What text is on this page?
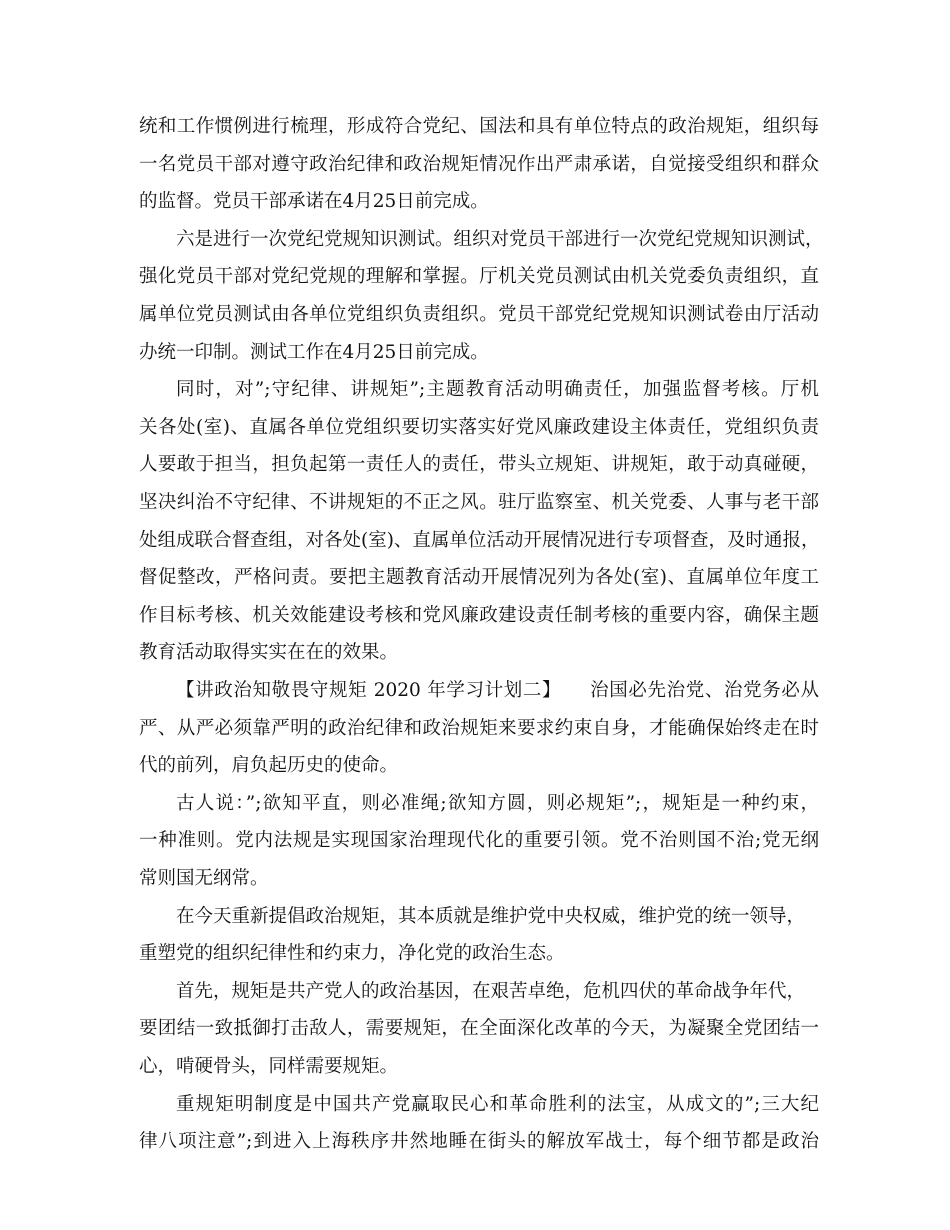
统和工作惯例进行梳理，形成符合党纪、国法和具有单位特点的政治规矩，组织每
一名党员干部对遵守政治纪律和政治规矩情况作出严肃承诺，自觉接受组织和群众
的监督。党员干部承诺在4月25日前完成。
六是进行一次党纪党规知识测试。组织对党员干部进行一次党纪党规知识测试，
强化党员干部对党纪党规的理解和掌握。厅机关党员测试由机关党委负责组织，直
属单位党员测试由各单位党组织负责组织。党员干部党纪党规知识测试卷由厅活动
办统一印制。测试工作在4月25日前完成。
同时，对”;守纪律、讲规矩”;主题教育活动明确责任，加强监督考核。厅机
关各处(室)、直属各单位党组织要切实落实好党风廉政建设主体责任，党组织负责
人要敢于担当，担负起第一责任人的责任，带头立规矩、讲规矩，敢于动真碰硬，
坚决纠治不守纪律、不讲规矩的不正之风。驻厅监察室、机关党委、人事与老干部
处组成联合督查组，对各处(室)、直属单位活动开展情况进行专项督查，及时通报，
督促整改，严格问责。要把主题教育活动开展情况列为各处(室)、直属单位年度工
作目标考核、机关效能建设考核和党风廉政建设责任制考核的重要内容，确保主题
教育活动取得实实在在的效果。
【讲政治知敬畏守规矩 2020 年学习计划二】　　治国必先治党、治党务必从
严、从严必须靠严明的政治纪律和政治规矩来要求约束自身，才能确保始终走在时
代的前列，肩负起历史的使命。
古人说：”;欲知平直，则必准绳;欲知方圆，则必规矩”;，规矩是一种约束，
一种准则。党内法规是实现国家治理现代化的重要引领。党不治则国不治;党无纲
常则国无纲常。
在今天重新提倡政治规矩，其本质就是维护党中央权威，维护党的统一领导，
重塑党的组织纪律性和约束力，净化党的政治生态。
首先，规矩是共产党人的政治基因，在艰苦卓绝，危机四伏的革命战争年代，
要团结一致抵御打击敌人，需要规矩，在全面深化改革的今天，为凝聚全党团结一
心，啃硬骨头，同样需要规矩。
重规矩明制度是中国共产党赢取民心和革命胜利的法宝，从成文的”;三大纪
律八项注意”;到进入上海秩序井然地睡在街头的解放军战士，每个细节都是政治
